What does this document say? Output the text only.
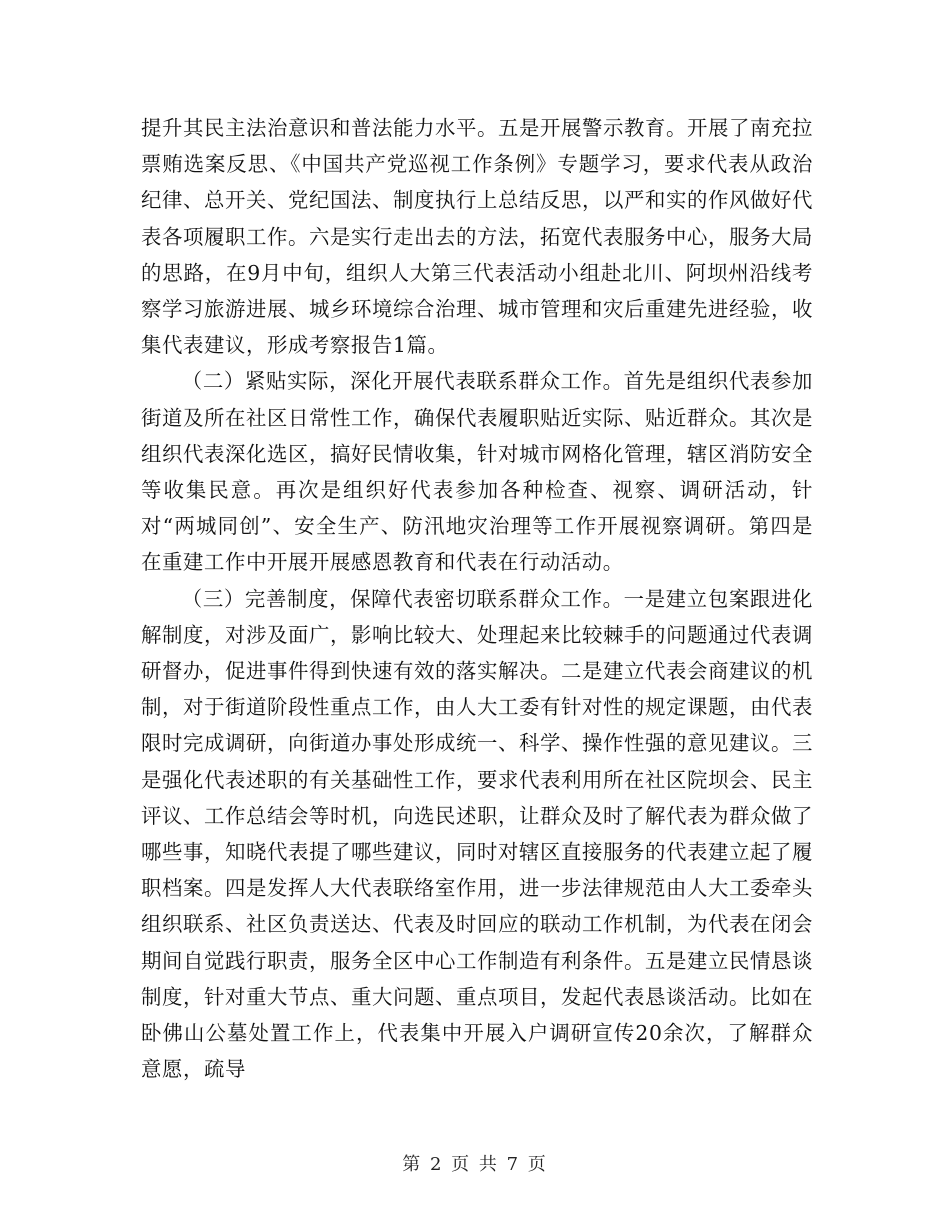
提升其民主法治意识和普法能力水平。五是开展警示教育。开展了南充拉票贿选案反思、《中国共产党巡视工作条例》专题学习，要求代表从政治纪律、总开关、党纪国法、制度执行上总结反思，以严和实的作风做好代表各项履职工作。六是实行走出去的方法，拓宽代表服务中心，服务大局的思路，在9月中旬，组织人大第三代表活动小组赴北川、阿坝州沿线考察学习旅游进展、城乡环境综合治理、城市管理和灾后重建先进经验，收集代表建议，形成考察报告1篇。

（二）紧贴实际，深化开展代表联系群众工作。首先是组织代表参加街道及所在社区日常性工作，确保代表履职贴近实际、贴近群众。其次是组织代表深化选区，搞好民情收集，针对城市网格化管理，辖区消防安全等收集民意。再次是组织好代表参加各种检查、视察、调研活动，针对“两城同创”、安全生产、防汛地灾治理等工作开展视察调研。第四是在重建工作中开展开展感恩教育和代表在行动活动。

（三）完善制度，保障代表密切联系群众工作。一是建立包案跟进化解制度，对涉及面广，影响比较大、处理起来比较棘手的问题通过代表调研督办，促进事件得到快速有效的落实解决。二是建立代表会商建议的机制，对于街道阶段性重点工作，由人大工委有针对性的规定课题，由代表限时完成调研，向街道办事处形成统一、科学、操作性强的意见建议。三是强化代表述职的有关基础性工作，要求代表利用所在社区院坝会、民主评议、工作总结会等时机，向选民述职，让群众及时了解代表为群众做了哪些事，知晓代表提了哪些建议，同时对辖区直接服务的代表建立起了履职档案。四是发挥人大代表联络室作用，进一步法律规范由人大工委牵头组织联系、社区负责送达、代表及时回应的联动工作机制，为代表在闭会期间自觉践行职责，服务全区中心工作制造有利条件。五是建立民情恳谈制度，针对重大节点、重大问题、重点项目，发起代表恳谈活动。比如在卧佛山公墓处置工作上，代表集中开展入户调研宣传20余次，了解群众意愿，疏导

第 2 页 共 7 页
